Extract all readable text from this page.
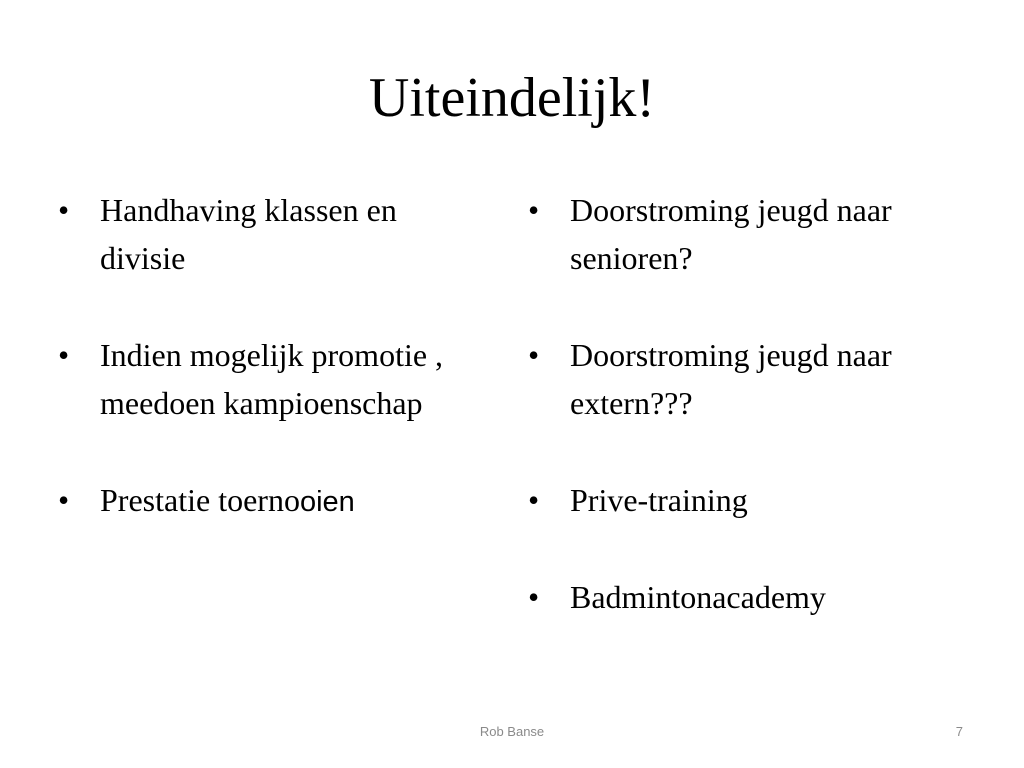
Uiteindelijk!
• Handhaving klassen en divisie
• Indien mogelijk promotie , meedoen kampioenschap
• Prestatie toernooien
• Doorstroming jeugd naar senioren?
• Doorstroming jeugd naar extern???
• Prive-training
• Badmintonacademy
Rob Banse	7
